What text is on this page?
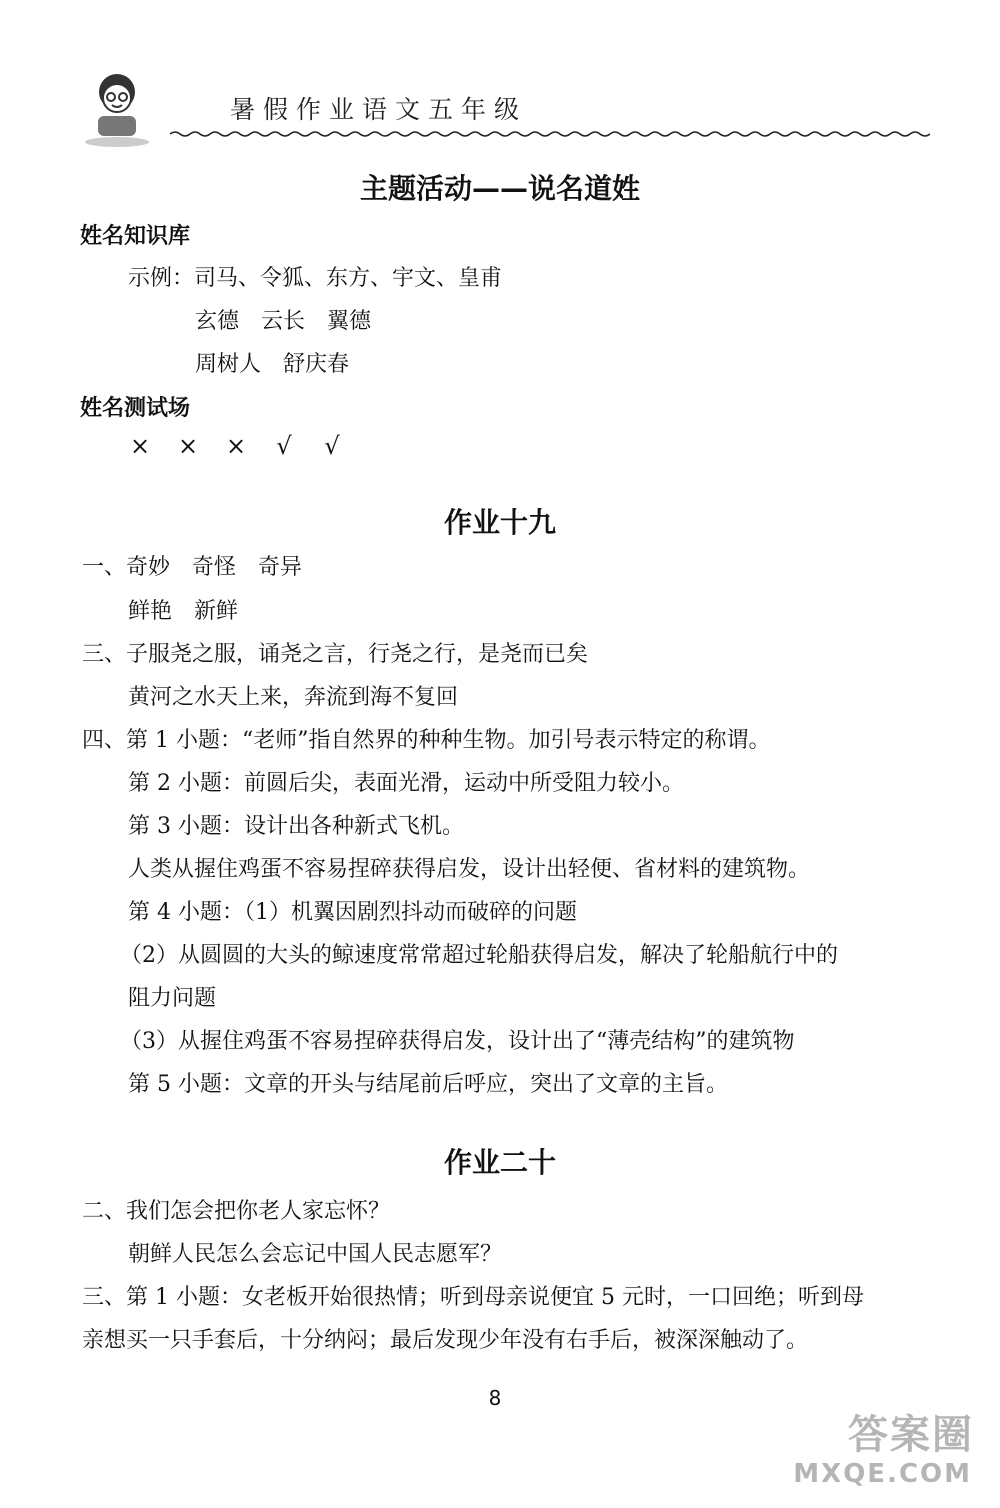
暑假作业语文五年级
主题活动——说名道姓
姓名知识库
示例：司马、令狐、东方、宇文、皇甫
玄德　云长　翼德
周树人　舒庆春
姓名测试场
× × × √ √
作业十九
一、奇妙　奇怪　奇异
鲜艳　新鲜
三、子服尧之服，诵尧之言，行尧之行，是尧而已矣
黄河之水天上来，奔流到海不复回
四、第 1 小题：“老师”指自然界的种种生物。加引号表示特定的称谓。
第 2 小题：前圆后尖，表面光滑，运动中所受阻力较小。
第 3 小题：设计出各种新式飞机。
人类从握住鸡蛋不容易捏碎获得启发，设计出轻便、省材料的建筑物。
第 4 小题：（1）机翼因剧烈抖动而破碎的问题
（2）从圆圆的大头的鲸速度常常超过轮船获得启发，解决了轮船航行中的
阻力问题
（3）从握住鸡蛋不容易捏碎获得启发，设计出了“薄壳结构”的建筑物
第 5 小题：文章的开头与结尾前后呼应，突出了文章的主旨。
作业二十
二、我们怎会把你老人家忘怀？
朝鲜人民怎么会忘记中国人民志愿军？
三、第 1 小题：女老板开始很热情；听到母亲说便宜 5 元时，一口回绝；听到母
亲想买一只手套后，十分纳闷；最后发现少年没有右手后，被深深触动了。
8
答案圈
MXQE.COM
